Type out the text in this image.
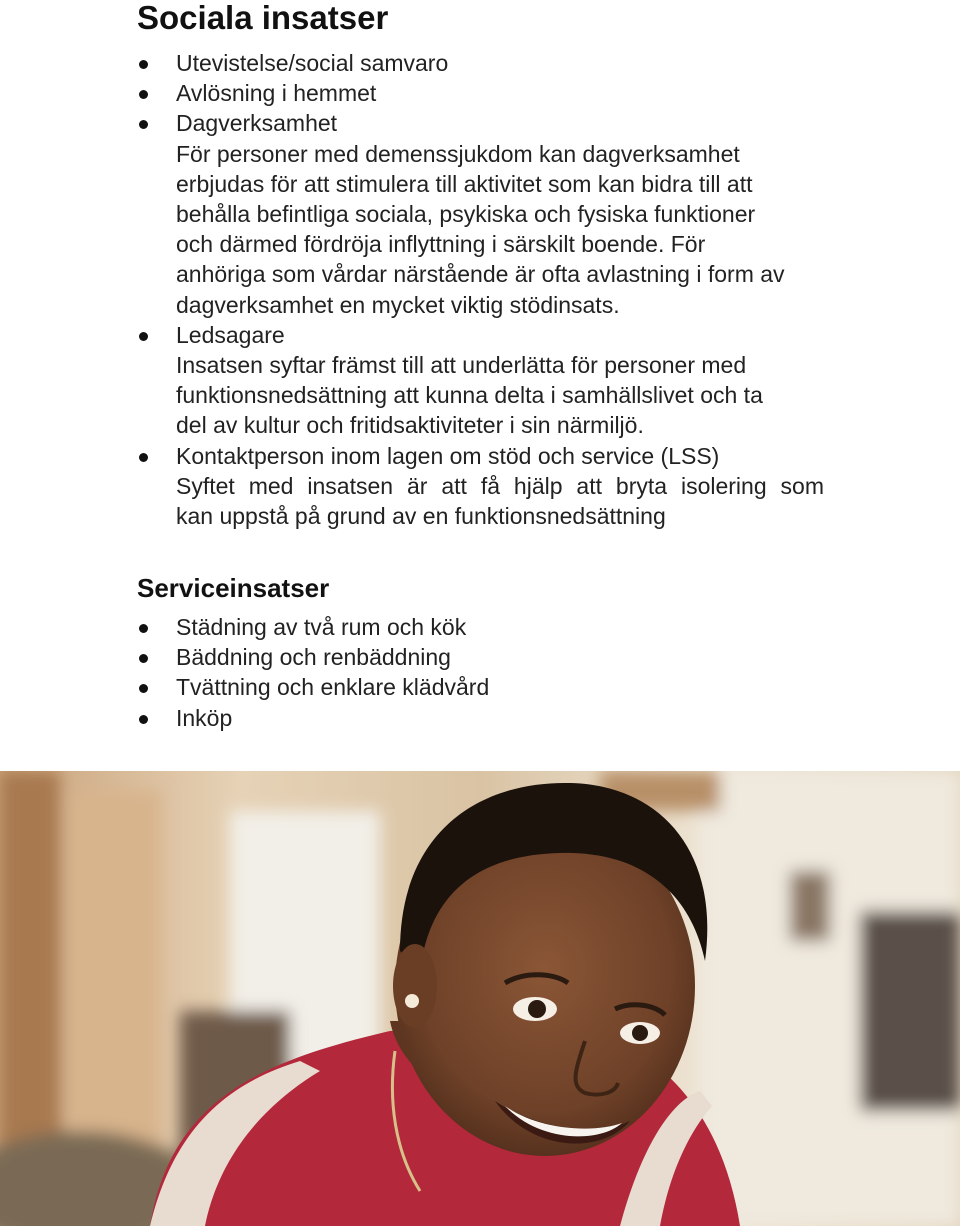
Sociala insatser
Utevistelse/social samvaro
Avlösning i hemmet
Dagverksamhet
För personer med demenssjukdom kan dagverksamhet
erbjudas för att stimulera till aktivitet som kan bidra till att
behålla befintliga sociala, psykiska och fysiska funktioner
och därmed fördröja inflyttning i särskilt boende. För
anhöriga som vårdar närstående är ofta avlastning i form av
dagverksamhet en mycket viktig stödinsats.
Ledsagare
Insatsen syftar främst till att underlätta för personer med
funktionsnedsättning att kunna delta i samhällslivet och ta
del av kultur och fritidsaktiviteter i sin närmiljö.
Kontaktperson inom lagen om stöd och service (LSS)
Syftet med insatsen är att få hjälp att bryta isolering som
kan uppstå på grund av en funktionsnedsättning
Serviceinsatser
Städning av två rum och kök
Bäddning och renbäddning
Tvättning och enklare klädvård
Inköp
